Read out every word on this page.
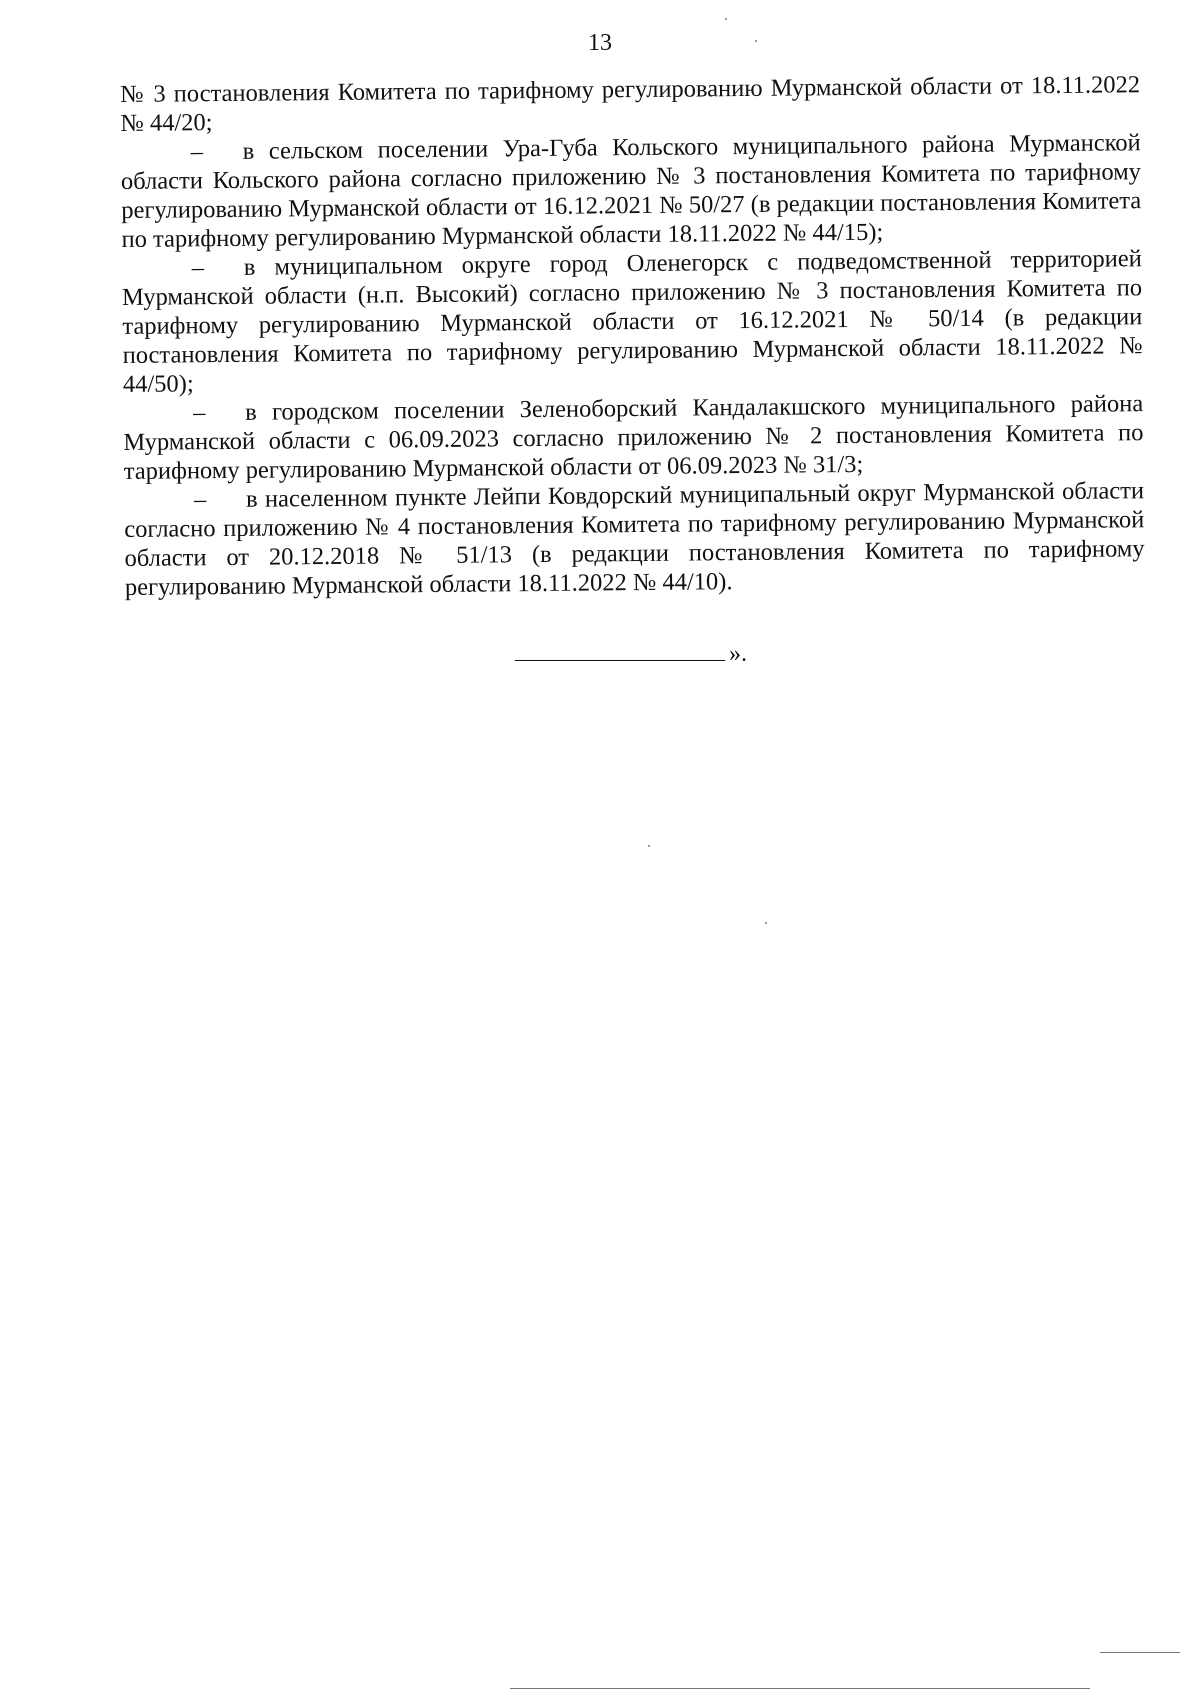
13

№ 3 постановления Комитета по тарифному регулированию Мурманской области от 18.11.2022 № 44/20;

– в сельском поселении Ура-Губа Кольского муниципального района Мурманской области Кольского района согласно приложению № 3 постановления Комитета по тарифному регулированию Мурманской области от 16.12.2021 № 50/27 (в редакции постановления Комитета по тарифному регулированию Мурманской области 18.11.2022 № 44/15);

– в муниципальном округе город Оленегорск с подведомственной территорией Мурманской области (н.п. Высокий) согласно приложению № 3 постановления Комитета по тарифному регулированию Мурманской области от 16.12.2021 № 50/14 (в редакции постановления Комитета по тарифному регулированию Мурманской области 18.11.2022 № 44/50);

– в городском поселении Зеленоборский Кандалакшского муниципального района Мурманской области с 06.09.2023 согласно приложению № 2 постановления Комитета по тарифному регулированию Мурманской области от 06.09.2023 № 31/3;

– в населенном пункте Лейпи Ковдорский муниципальный округ Мурманской области согласно приложению № 4 постановления Комитета по тарифному регулированию Мурманской области от 20.12.2018 № 51/13 (в редакции постановления Комитета по тарифному регулированию Мурманской области 18.11.2022 № 44/10).

».
